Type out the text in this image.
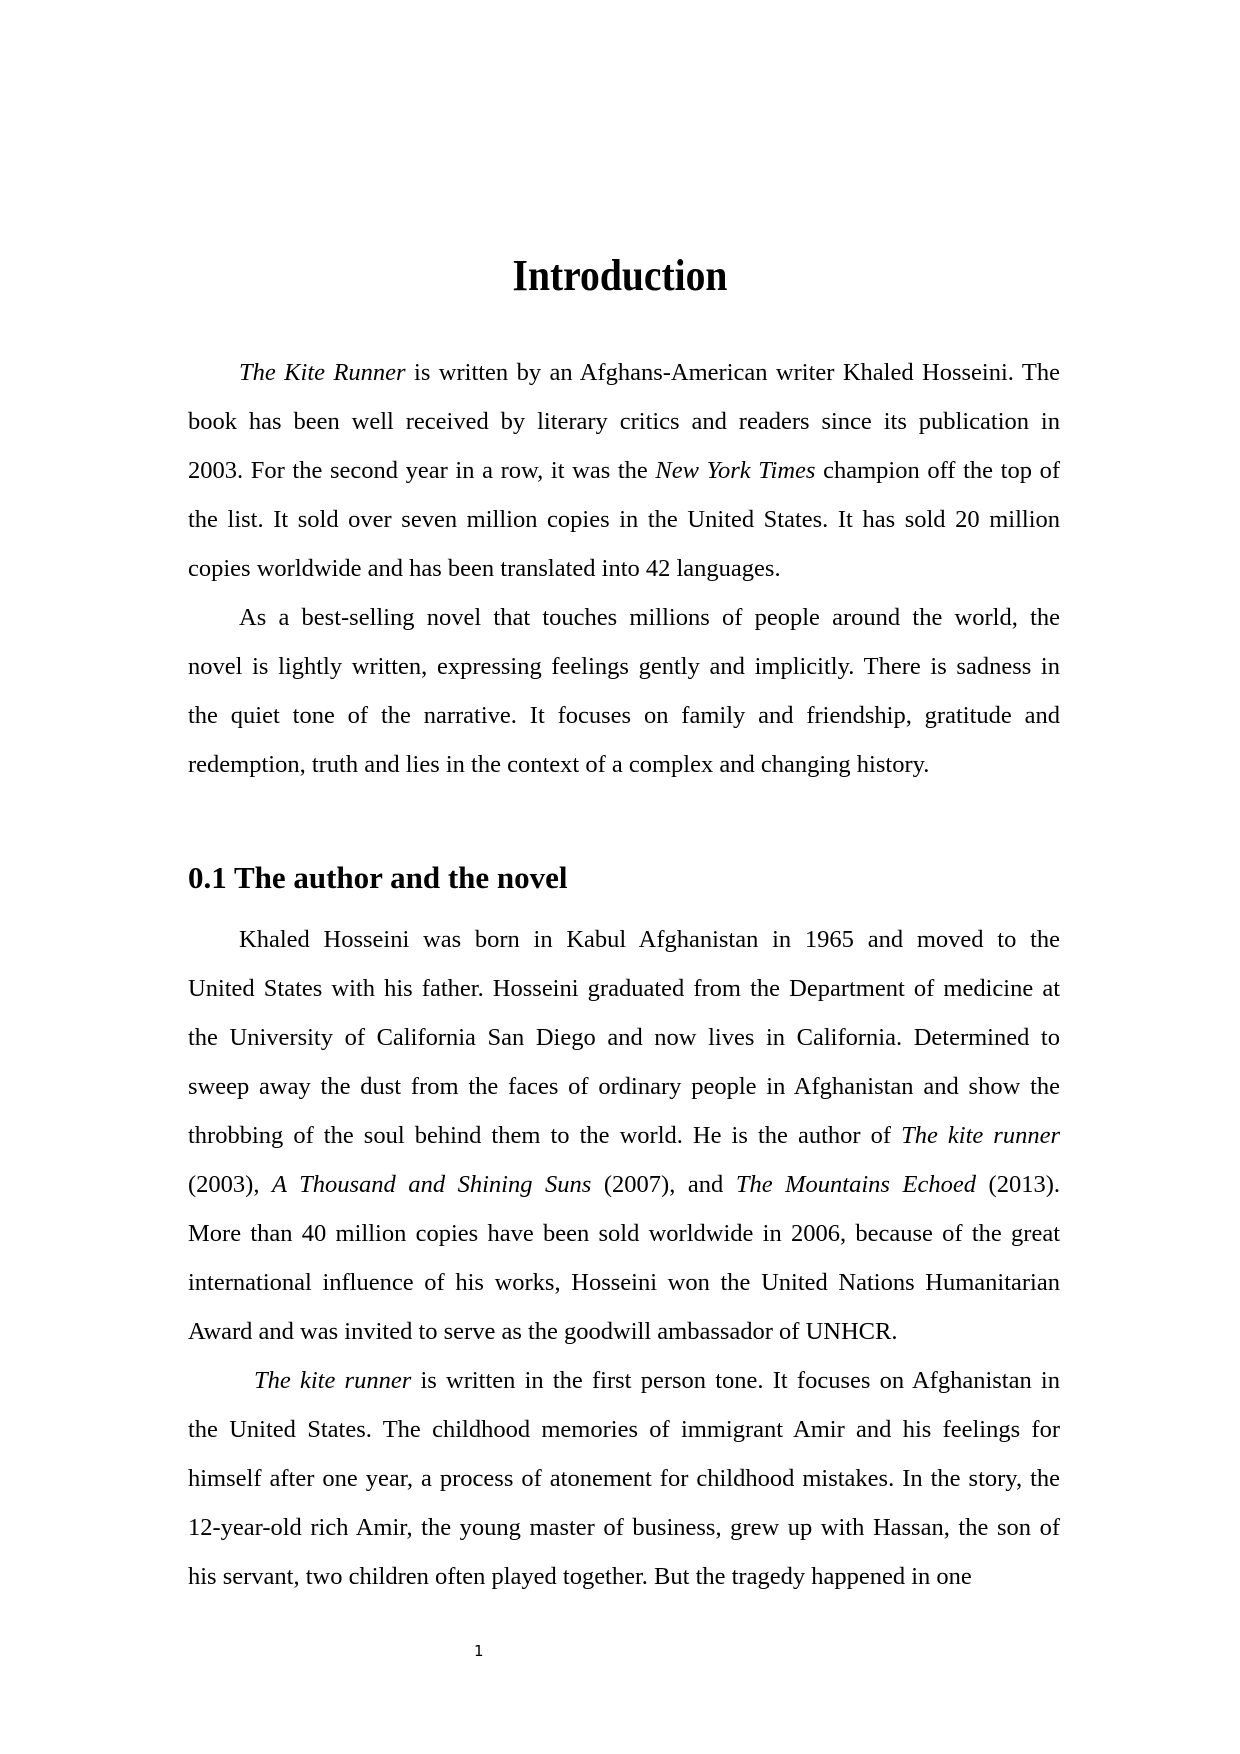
Introduction
The Kite Runner is written by an Afghans-American writer Khaled Hosseini. The
book has been well received by literary critics and readers since its publication in
2003. For the second year in a row, it was the New York Times champion off the top of
the list. It sold over seven million copies in the United States. It has sold 20 million
copies worldwide and has been translated into 42 languages.
As a best-selling novel that touches millions of people around the world, the
novel is lightly written, expressing feelings gently and implicitly. There is sadness in
the quiet tone of the narrative. It focuses on family and friendship, gratitude and
redemption, truth and lies in the context of a complex and changing history.
0.1 The author and the novel
Khaled Hosseini was born in Kabul Afghanistan in 1965 and moved to the
United States with his father. Hosseini graduated from the Department of medicine at
the University of California San Diego and now lives in California. Determined to
sweep away the dust from the faces of ordinary people in Afghanistan and show the
throbbing of the soul behind them to the world. He is the author of The kite runner
(2003), A Thousand and Shining Suns (2007), and The Mountains Echoed (2013).
More than 40 million copies have been sold worldwide in 2006, because of the great
international influence of his works, Hosseini won the United Nations Humanitarian
Award and was invited to serve as the goodwill ambassador of UNHCR.
The kite runner is written in the first person tone. It focuses on Afghanistan in
the United States. The childhood memories of immigrant Amir and his feelings for
himself after one year, a process of atonement for childhood mistakes. In the story, the
12-year-old rich Amir, the young master of business, grew up with Hassan, the son of
his servant, two children often played together. But the tragedy happened in one
1
